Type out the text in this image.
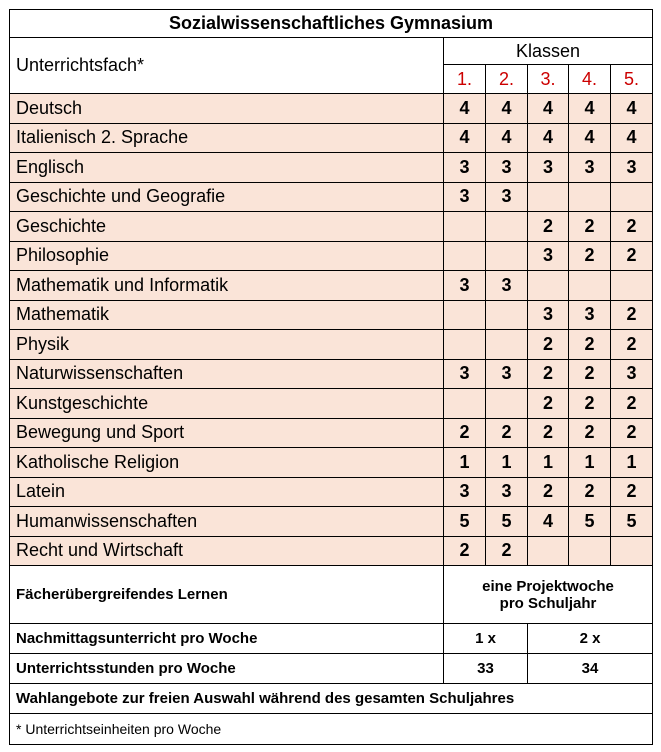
Sozialwissenschaftliches Gymnasium					
Unterrichtsfach*	Klassen				
	1.	2.	3.	4.	5.
Deutsch	4	4	4	4	4
Italienisch 2. Sprache	4	4	4	4	4
Englisch	3	3	3	3	3
Geschichte und Geografie	3	3			
Geschichte			2	2	2
Philosophie			3	2	2
Mathematik und Informatik	3	3			
Mathematik			3	3	2
Physik			2	2	2
Naturwissenschaften	3	3	2	2	3
Kunstgeschichte			2	2	2
Bewegung und Sport	2	2	2	2	2
Katholische Religion	1	1	1	1	1
Latein	3	3	2	2	2
Humanwissenschaften	5	5	4	5	5
Recht und Wirtschaft	2	2			
Fächerübergreifendes Lernen	eine Projektwoche
pro Schuljahr				

Nachmittagsunterricht pro Woche	1 x		2 x		
Unterrichtsstunden pro Woche	33		34		
Wahlangebote zur freien Auswahl während des gesamten Schuljahres					
* Unterrichtseinheiten pro Woche					
